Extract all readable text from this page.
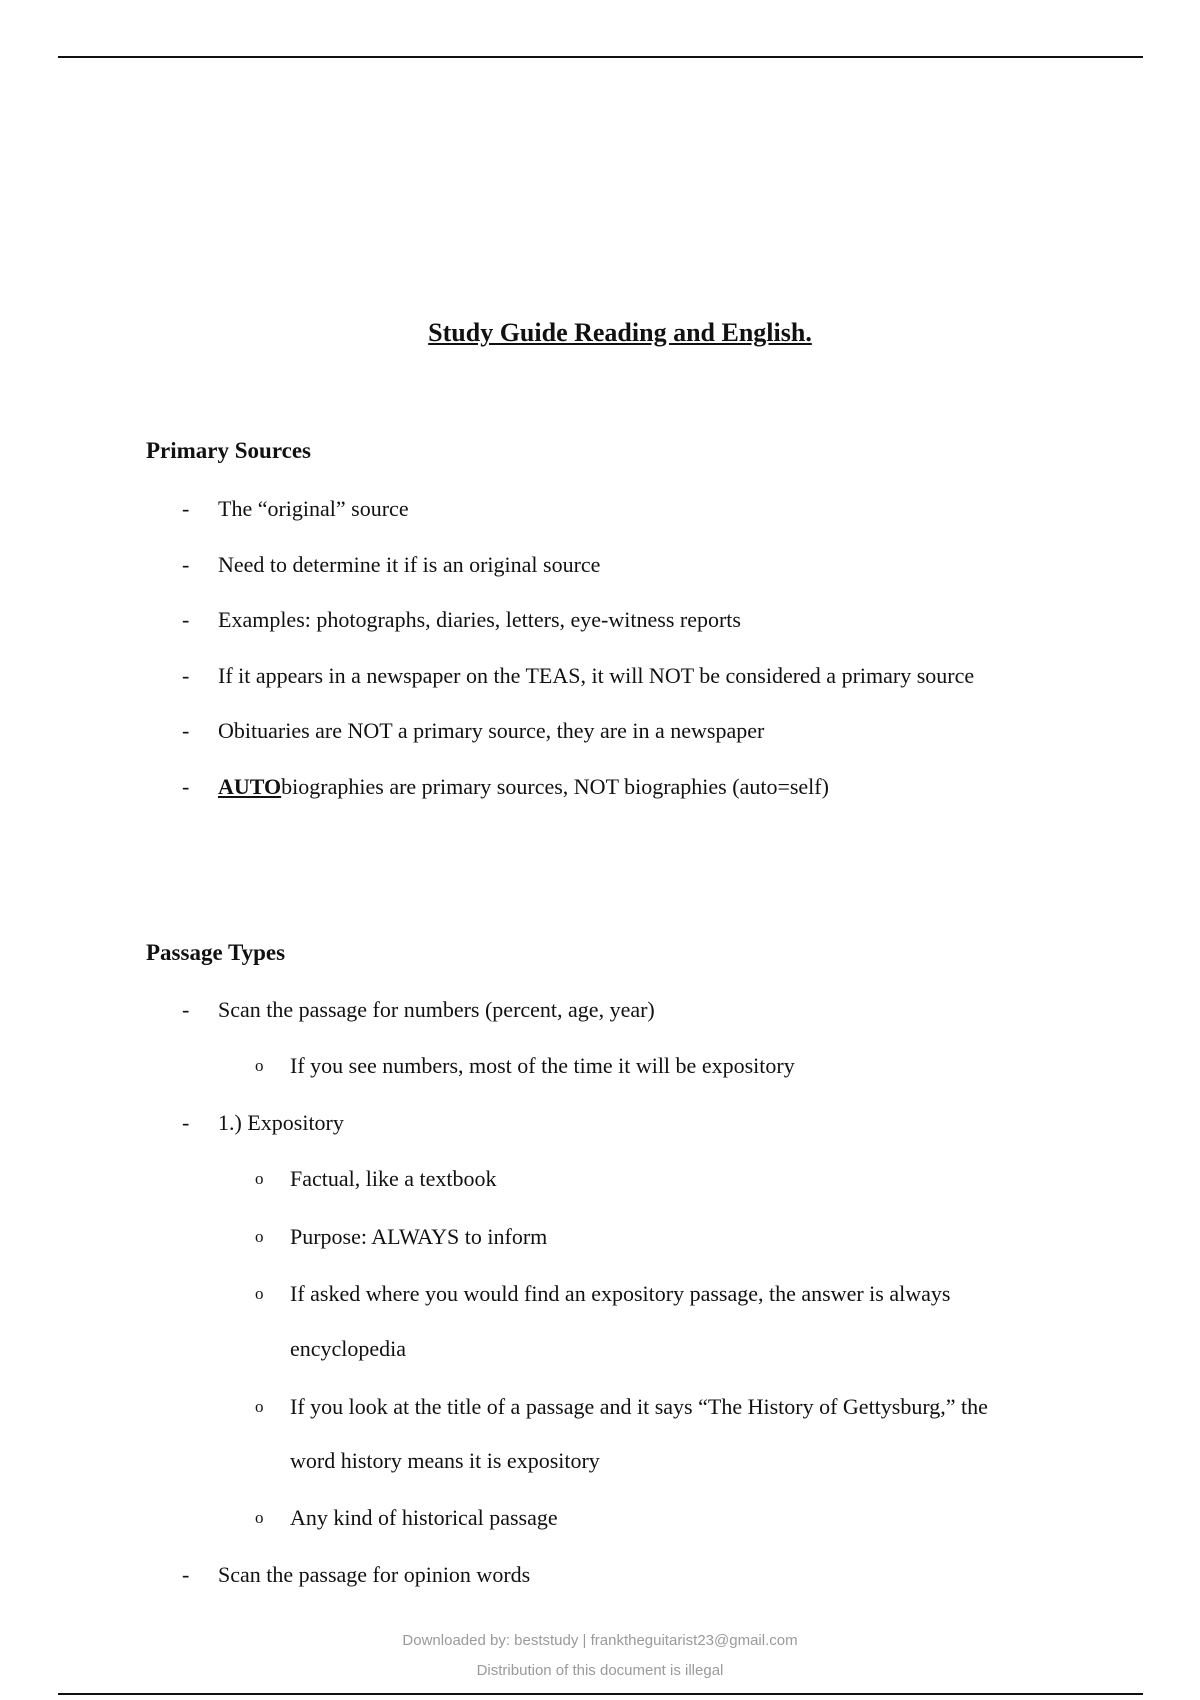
Study Guide Reading and English.
Primary Sources
- The “original” source
- Need to determine it if is an original source
- Examples: photographs, diaries, letters, eye-witness reports
- If it appears in a newspaper on the TEAS, it will NOT be considered a primary source
- Obituaries are NOT a primary source, they are in a newspaper
- AUTObiographies are primary sources, NOT biographies (auto=self)
Passage Types
- Scan the passage for numbers (percent, age, year)
o If you see numbers, most of the time it will be expository
- 1.) Expository
o Factual, like a textbook
o Purpose: ALWAYS to inform
o If asked where you would find an expository passage, the answer is always
encyclopedia
o If you look at the title of a passage and it says “The History of Gettysburg,” the
word history means it is expository
o Any kind of historical passage
- Scan the passage for opinion words
Downloaded by: beststudy | franktheguitarist23@gmail.com
Distribution of this document is illegal
